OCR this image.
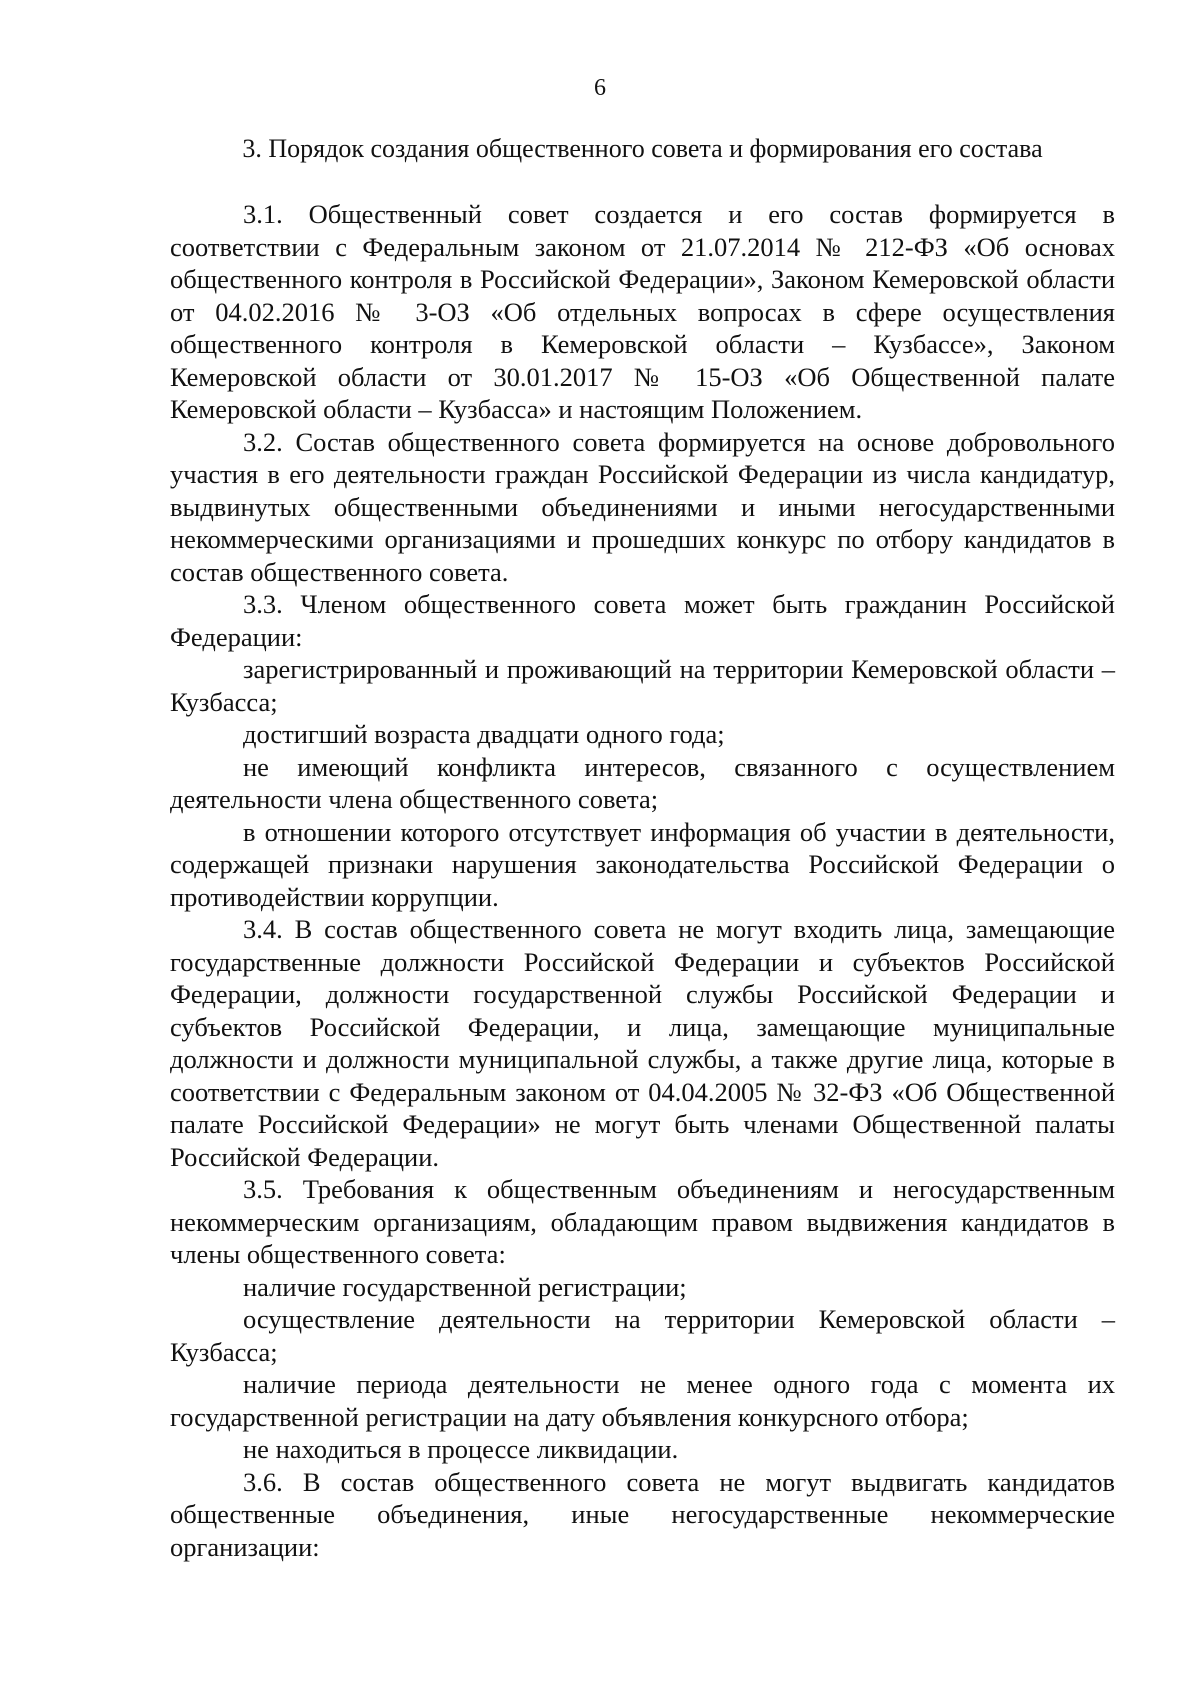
6
3. Порядок создания общественного совета и формирования его состава

3.1. Общественный совет создается и его состав формируется в соответствии с Федеральным законом от 21.07.2014 № 212-ФЗ «Об основах общественного контроля в Российской Федерации», Законом Кемеровской области от 04.02.2016 № 3-ОЗ «Об отдельных вопросах в сфере осуществления общественного контроля в Кемеровской области – Кузбассе», Законом Кемеровской области от 30.01.2017 № 15-ОЗ «Об Общественной палате Кемеровской области – Кузбасса» и настоящим Положением.

3.2. Состав общественного совета формируется на основе добровольного участия в его деятельности граждан Российской Федерации из числа кандидатур, выдвинутых общественными объединениями и иными негосударственными некоммерческими организациями и прошедших конкурс по отбору кандидатов в состав общественного совета.

3.3. Членом общественного совета может быть гражданин Российской Федерации:

зарегистрированный и проживающий на территории Кемеровской области – Кузбасса;

достигший возраста двадцати одного года;

не имеющий конфликта интересов, связанного с осуществлением деятельности члена общественного совета;

в отношении которого отсутствует информация об участии в деятельности, содержащей признаки нарушения законодательства Российской Федерации о противодействии коррупции.

3.4. В состав общественного совета не могут входить лица, замещающие государственные должности Российской Федерации и субъектов Российской Федерации, должности государственной службы Российской Федерации и субъектов Российской Федерации, и лица, замещающие муниципальные должности и должности муниципальной службы, а также другие лица, которые в соответствии с Федеральным законом от 04.04.2005 № 32-ФЗ «Об Общественной палате Российской Федерации» не могут быть членами Общественной палаты Российской Федерации.

3.5. Требования к общественным объединениям и негосударственным некоммерческим организациям, обладающим правом выдвижения кандидатов в члены общественного совета:

наличие государственной регистрации;

осуществление деятельности на территории Кемеровской области – Кузбасса;

наличие периода деятельности не менее одного года с момента их государственной регистрации на дату объявления конкурсного отбора;

не находиться в процессе ликвидации.

3.6. В состав общественного совета не могут выдвигать кандидатов общественные объединения, иные негосударственные некоммерческие организации:
